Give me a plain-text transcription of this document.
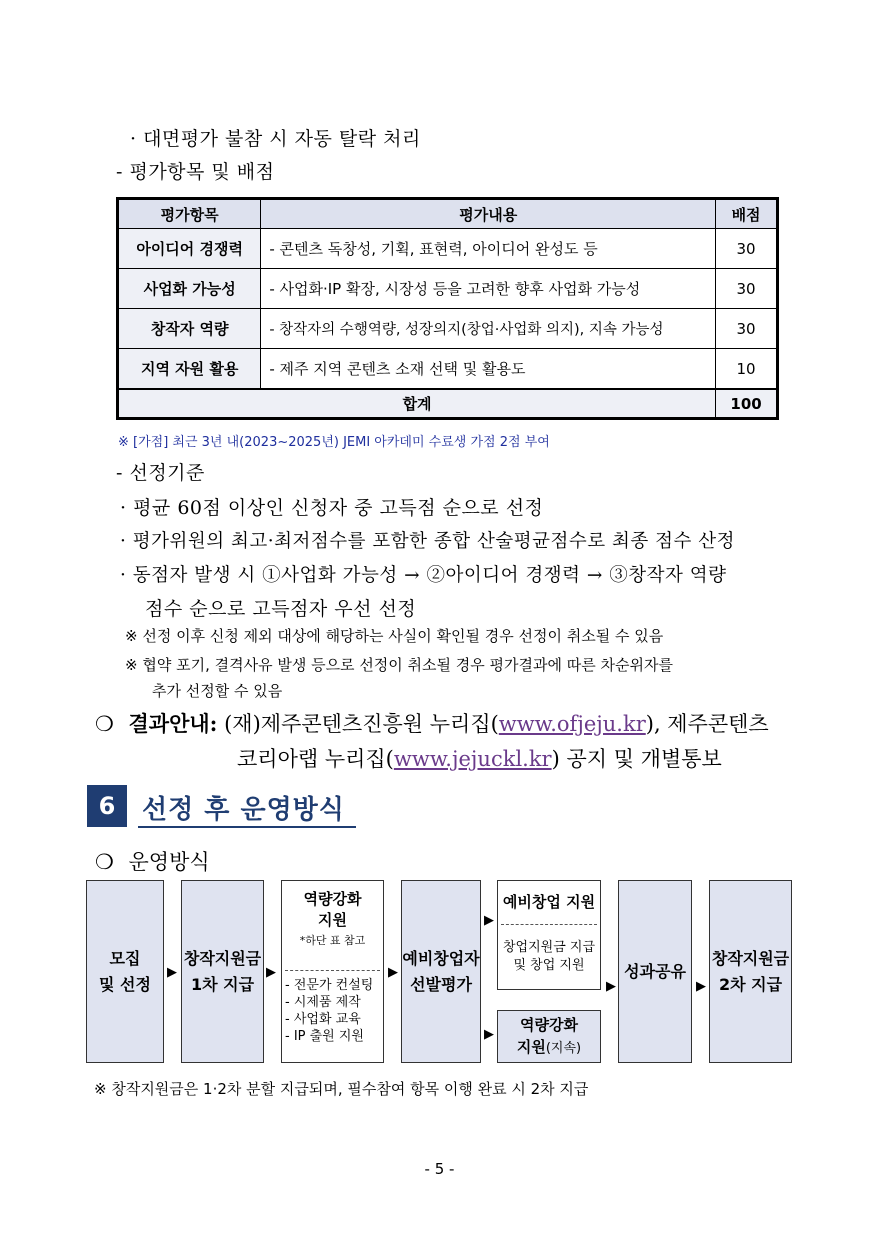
· 대면평가 불참 시 자동 탈락 처리
- 평가항목 및 배점
평가항목	평가내용	배점
아이디어 경쟁력	- 콘텐츠 독창성, 기획, 표현력, 아이디어 완성도 등	30
사업화 가능성	- 사업화·IP 확장, 시장성 등을 고려한 향후 사업화 가능성	30
창작자 역량	- 창작자의 수행역량, 성장의지(창업·사업화 의지), 지속 가능성	30
지역 자원 활용	- 제주 지역 콘텐츠 소재 선택 및 활용도	10
합계		100
※ [가점] 최근 3년 내(2023~2025년) JEMI 아카데미 수료생 가점 2점 부여
- 선정기준
· 평균 60점 이상인 신청자 중 고득점 순으로 선정
· 평가위원의 최고·최저점수를 포함한 종합 산술평균점수로 최종 점수 산정
· 동점자 발생 시 ①사업화 가능성 → ②아이디어 경쟁력 → ③창작자 역량
점수 순으로 고득점자 우선 선정
※ 선정 이후 신청 제외 대상에 해당하는 사실이 확인될 경우 선정이 취소될 수 있음
※ 협약 포기, 결격사유 발생 등으로 선정이 취소될 경우 평가결과에 따른 차순위자를
추가 선정할 수 있음
❍ 결과안내: (재)제주콘텐츠진흥원 누리집(www.ofjeju.kr), 제주콘텐츠
코리아랩 누리집(www.jejuckl.kr) 공지 및 개별통보
6	선정 후 운영방식
❍ 운영방식
모집
및 선정
▶
창작지원금
1차 지급
▶
역량강화
지원
*하단 표 참고
- 전문가 컨설팅
- 시제품 제작
- 사업화 교육
- IP 출원 지원
▶
예비창업자
선발평가
▶
▶
예비창업 지원
창업지원금 지급
및 창업 지원
역량강화
지원(지속)
▶
성과공유
▶
창작지원금
2차 지급
※ 창작지원금은 1·2차 분할 지급되며, 필수참여 항목 이행 완료 시 2차 지급
- 5 -
